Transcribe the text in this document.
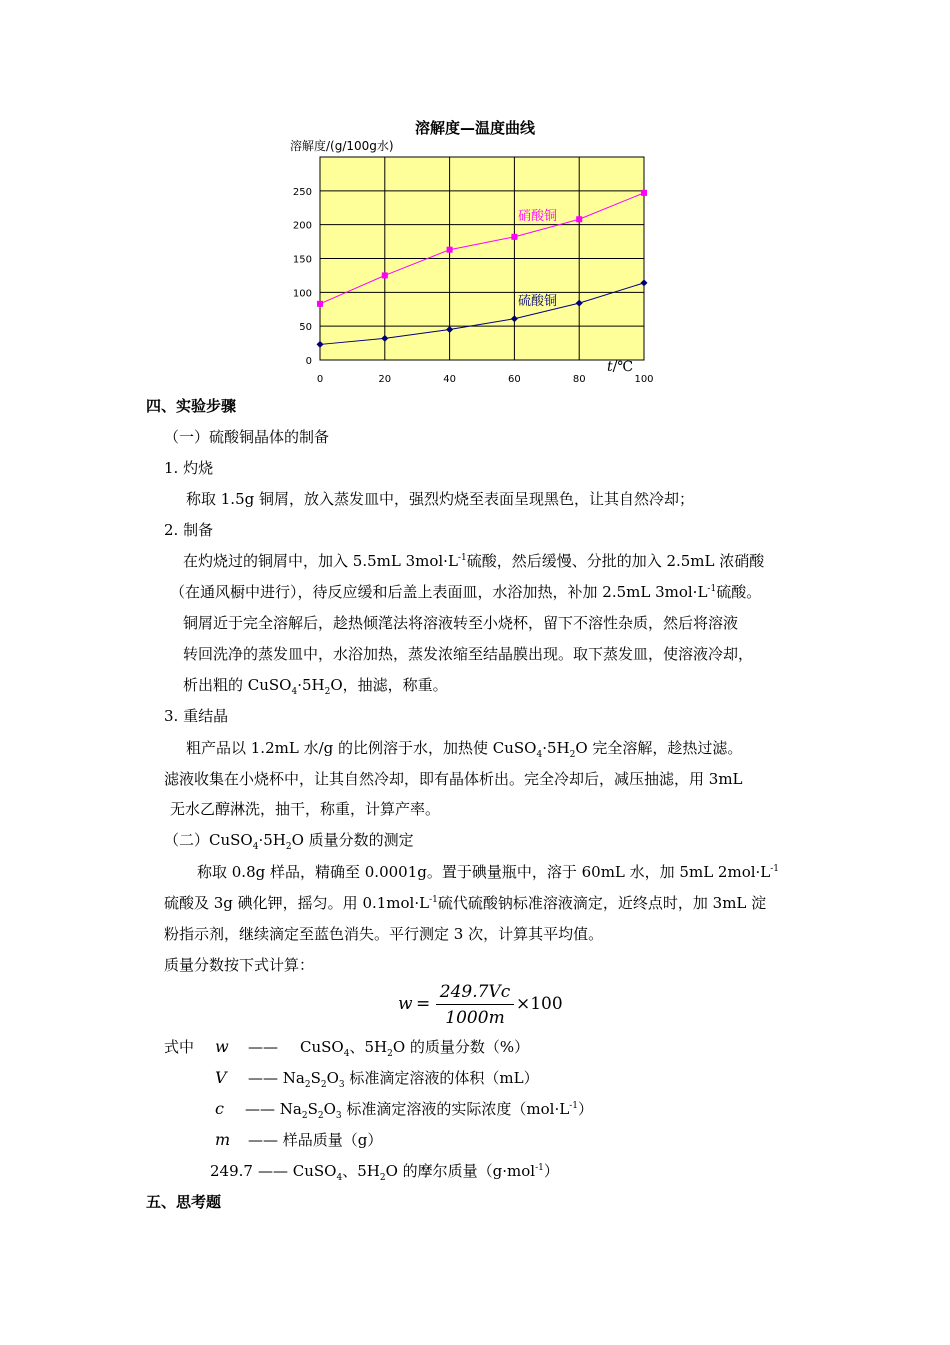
溶解度—温度曲线
溶解度/(g/100g水)
0	20	40	60	80	100
0
50
100
150
200
250
硝酸铜
硫酸铜
t/℃
四、实验步骤
（一）硫酸铜晶体的制备
1. 灼烧
称取 1.5g 铜屑，放入蒸发皿中，强烈灼烧至表面呈现黑色，让其自然冷却；
2. 制备
在灼烧过的铜屑中，加入 5.5mL $3mol\cdot L^{-1}$硫酸，然后缓慢、分批的加入 2.5mL 浓硝酸
（在通风橱中进行），待反应缓和后盖上表面皿，水浴加热，补加 2.5mL $3mol\cdot L^{-1}$硫酸。
铜屑近于完全溶解后，趁热倾滗法将溶液转至小烧杯，留下不溶性杂质，然后将溶液
转回洗净的蒸发皿中，水浴加热，蒸发浓缩至结晶膜出现。取下蒸发皿，使溶液冷却，
析出粗的 $CuSO_4\cdot 5H_2O$，抽滤，称重。
3. 重结晶
粗产品以 1.2mL 水/g 的比例溶于水，加热使 $CuSO_4\cdot 5H_2O$ 完全溶解，趁热过滤。
滤液收集在小烧杯中，让其自然冷却，即有晶体析出。完全冷却后，减压抽滤，用 3mL
无水乙醇淋洗，抽干，称重，计算产率。
（二）$CuSO_4\cdot 5H_2O$ 质量分数的测定
称取 0.8g 样品，精确至 0.0001g。置于碘量瓶中，溶于 60mL 水，加 5mL $2mol\cdot L^{-1}$
硫酸及 3g 碘化钾，摇匀。用 $0.1mol\cdot L^{-1}$硫代硫酸钠标准溶液滴定，近终点时，加 3mL 淀
粉指示剂，继续滴定至蓝色消失。平行测定 3 次，计算其平均值。
质量分数按下式计算：
w =
249.7Vc
1000m
×100
式中 w —— CuSO$_4$、$5H_2O$ 的质量分数（%）
V —— $Na_2S_2O_3$ 标准滴定溶液的体积（mL）
c —— $Na_2S_2O_3$ 标准滴定溶液的实际浓度$(mol\cdot L^{-1})$
m —— 样品质量（g）
249.7 —— CuSO$_4$、$5H_2O$ 的摩尔质量（g·mol$^{-1}$）
五、思考题
